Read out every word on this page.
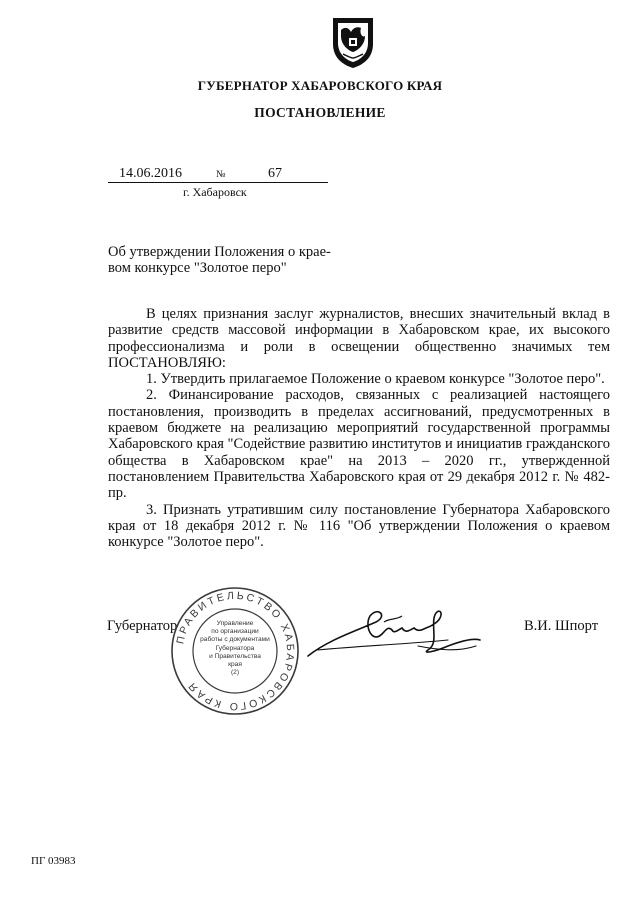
ГУБЕРНАТОР ХАБАРОВСКОГО КРАЯ
ПОСТАНОВЛЕНИЕ
14.06.2016	№	67
г. Хабаровск
Об утверждении Положения о крае-
вом конкурсе "Золотое перо"

В целях признания заслуг журналистов, внесших значительный вклад в развитие средств массовой информации в Хабаровском крае, их высокого профессионализма и роли в освещении общественно значимых тем

ПОСТАНОВЛЯЮ:

1. Утвердить прилагаемое Положение о краевом конкурсе "Золотое перо".

2. Финансирование расходов, связанных с реализацией настоящего постановления, производить в пределах ассигнований, предусмотренных в краевом бюджете на реализацию мероприятий государственной программы Хабаровского края "Содействие развитию институтов и инициатив гражданского общества в Хабаровском крае" на 2013 – 2020 гг., утвержденной постановлением Правительства Хабаровского края от 29 декабря 2012 г. № 482-пр.

3. Признать утратившим силу постановление Губернатора Хабаровского края от 18 декабря 2012 г. № 116 "Об утверждении Положения о краевом конкурсе "Золотое перо".

Губернатор	В.И. Шпорт
ПРАВИТЕЛЬСТВО ХАБАРОВСКОГО КРАЯ
Управление
по организации
работы с документами
Губернатора
и Правительства
края
(2)
ПГ 03983
